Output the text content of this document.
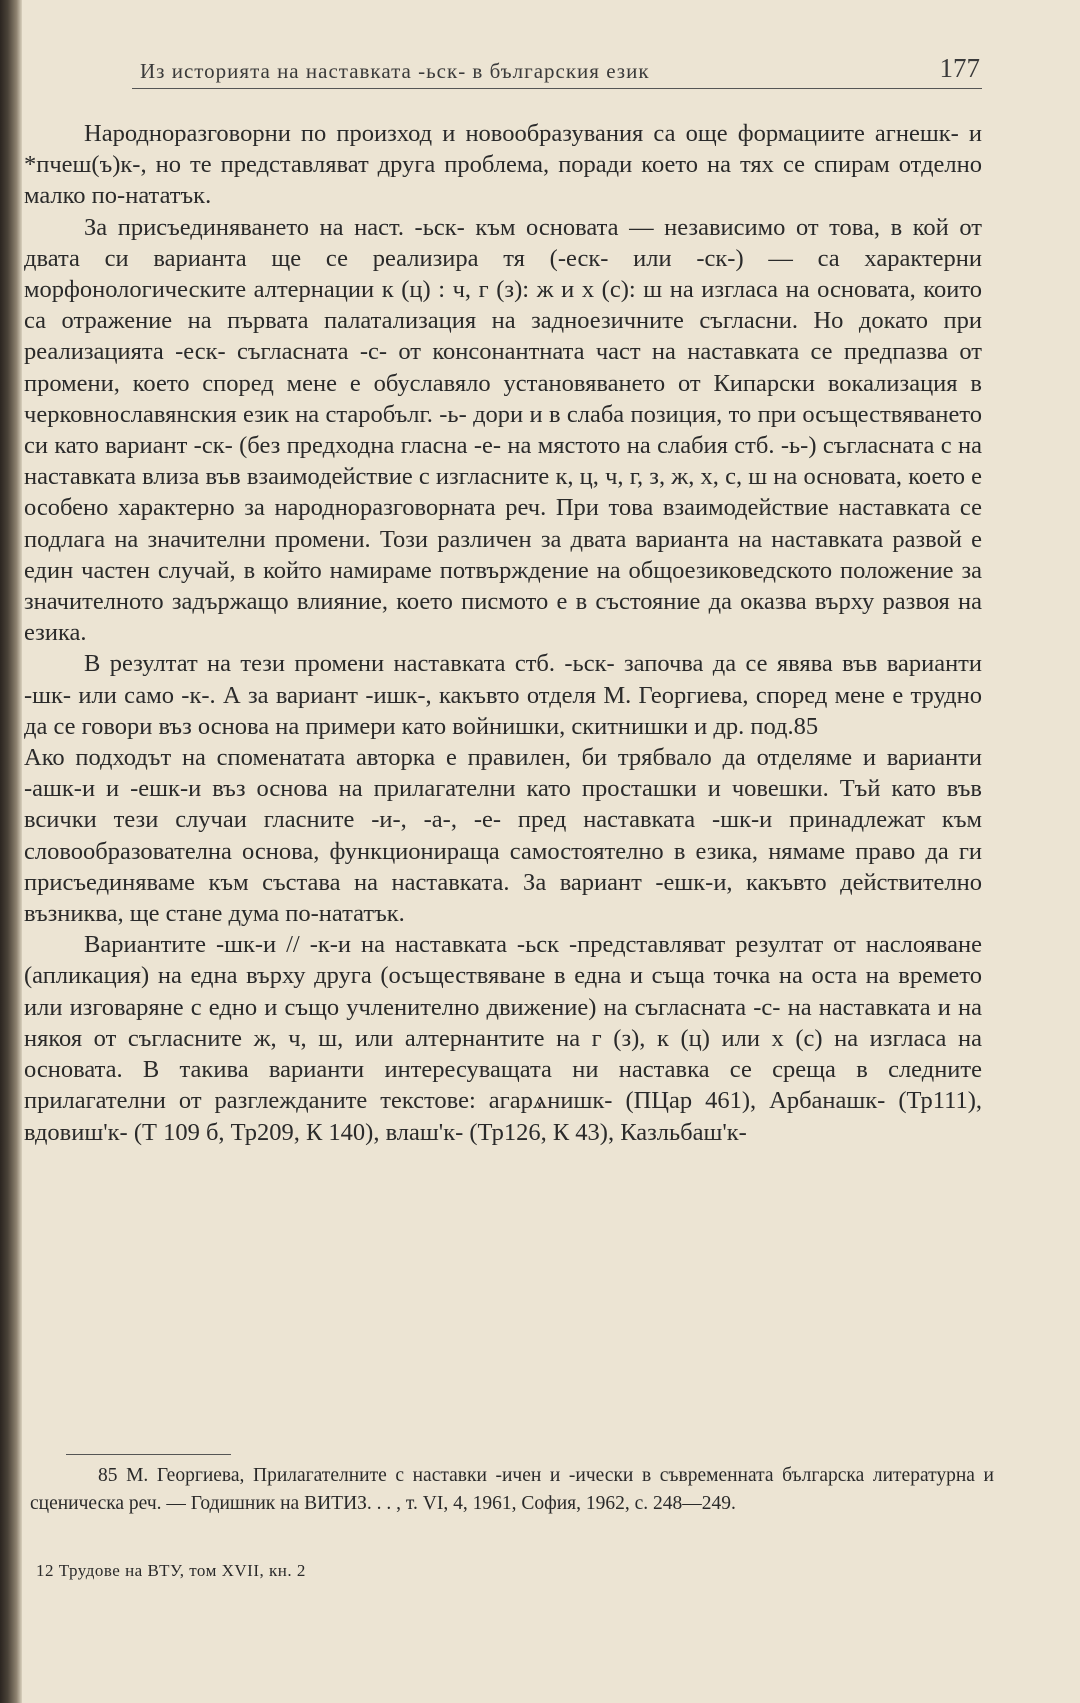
Из историята на наставката -ьск- в българския език	177

Народноразговорни по произход и новообразувания са още формациите агнешк- и *пчеш(ъ)к-, но те представляват друга проблема, поради което на тях се спирам отделно малко по-нататък.

За присъединяването на наст. -ьск- към основата — независимо от това, в кой от двата си варианта ще се реализира тя (-еск- или -ск-) — са характерни морфонологическите алтернации к (ц) : ч, г (з): ж и х (с): ш на изгласа на основата, които са отражение на първата палатализация на задноезичните съгласни. Но докато при реализацията -еск- съгласната -с- от консонантната част на наставката се предпазва от промени, което според мене е обуславяло установяването от Кипарски вокализация в черковнославянския език на старобълг. -ь- дори и в слаба позиция, то при осъществяването си като вариант -ск- (без предходна гласна -е- на мястото на слабия стб. -ь-) съгласната с на наставката влиза във взаимодействие с изгласните к, ц, ч, г, з, ж, х, с, ш на основата, което е особено характерно за народноразговорната реч. При това взаимодействие наставката се подлага на значителни промени. Този различен за двата варианта на наставката развой е един частен случай, в който намираме потвърждение на общоезиковедското положение за значителното задържащо влияние, което писмото е в състояние да оказва върху развоя на езика.

В резултат на тези промени наставката стб. -ьск- започва да се явява във варианти -шк- или само -к-. А за вариант -ишк-, какъвто отделя М. Георгиева, според мене е трудно да се говори въз основа на примери като войнишки, скитнишки и др. под.85

Ако подходът на споменатата авторка е правилен, би трябвало да отделяме и варианти -ашк-и и -ешк-и въз основа на прилагателни като просташки и човешки. Тъй като във всички тези случаи гласните -и-, -а-, -е- пред наставката -шк-и принадлежат към словообразователна основа, функционираща самостоятелно в езика, нямаме право да ги присъединяваме към състава на наставката. За вариант -ешк-и, какъвто действително възниква, ще стане дума по-нататък.

Вариантите -шк-и // -к-и на наставката -ьск -представляват резултат от наслояване (апликация) на една върху друга (осъществяване в една и съща точка на оста на времето или изговаряне с едно и също учленително движение) на съгласната -с- на наставката и на някоя от съгласните ж, ч, ш, или алтернантите на г (з), к (ц) или х (с) на изгласа на основата. В такива варианти интересуващата ни наставка се среща в следните прилагателни от разглежданите текстове: агарѧнишк- (ПЦар 461), Арбанашк- (Тр111), вдовиш'к- (Т 109 б, Тр209, К 140), влаш'к- (Тр126, К 43), Казльбаш'к-

85 М. Георгиева, Прилагателните с наставки -ичен и -ически в съвременната българска литературна и сценическа реч. — Годишник на ВИТИЗ. . . , т. VI, 4, 1961, София, 1962, с. 248—249.
12 Трудове на ВТУ, том XVII, кн. 2
